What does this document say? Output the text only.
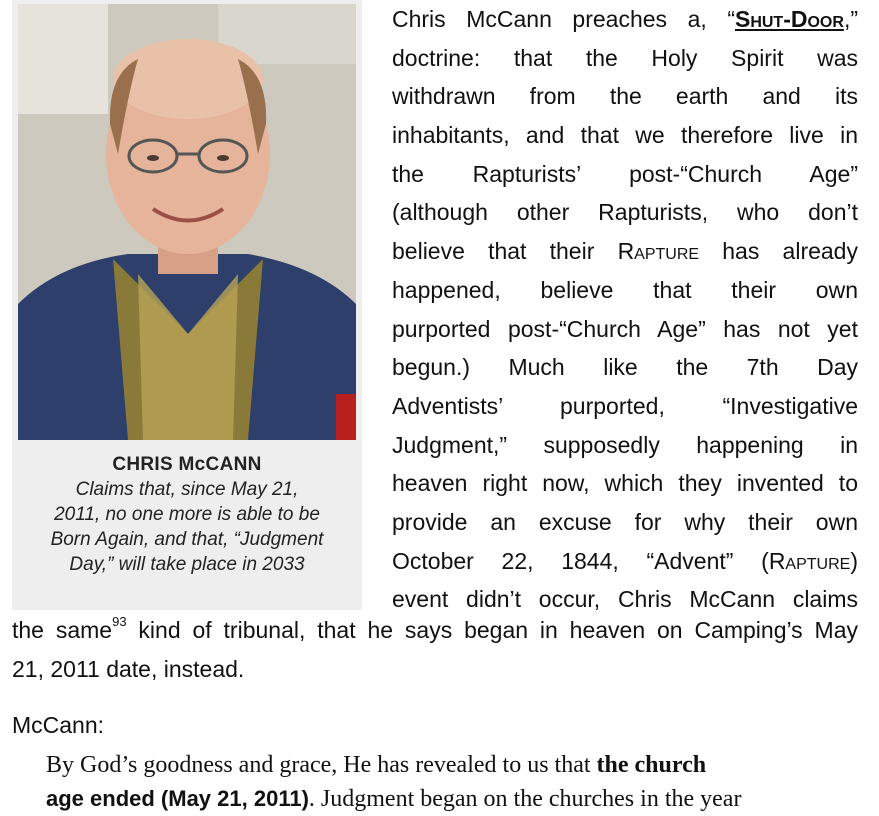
CHRIS McCANN
Claims that, since May 21,
2011, no one more is able to be
Born Again, and that, “Judgment
Day,” will take place in 2033
Chris McCann preaches a, “Shut-Door,”
doctrine: that the Holy Spirit was
withdrawn from the earth and its
inhabitants, and that we therefore live in
the Rapturists’ post-“Church Age”
(although other Rapturists, who don’t
believe that their Rapture has already
happened, believe that their own
purported post-“Church Age” has not yet
begun.) Much like the 7th Day
Adventists’ purported, “Investigative
Judgment,” supposedly happening in
heaven right now, which they invented to
provide an excuse for why their own
October 22, 1844, “Advent” (Rapture)
event didn’t occur, Chris McCann claims
the same$^{93}$ kind of tribunal, that he says began in heaven on Camping’s May
21, 2011 date, instead.
McCann:
By God’s goodness and grace, He has revealed to us that the church
age ended (May 21, 2011). Judgment began on the churches in the year
